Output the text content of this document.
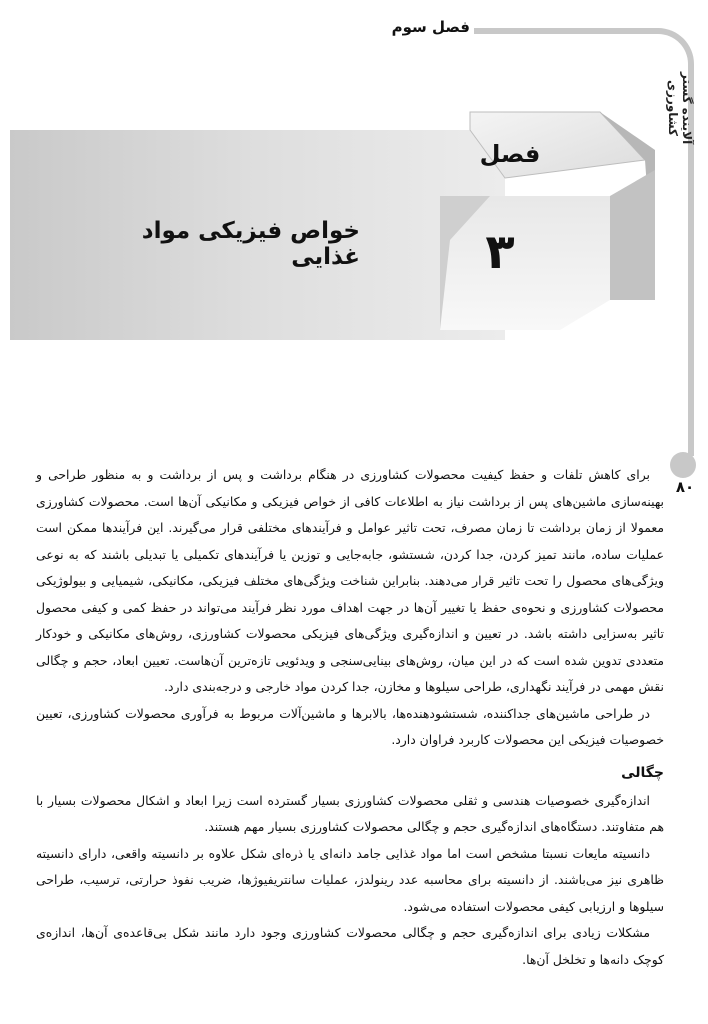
فصل سوم
آلاینده گستر کشاورزی
۸۰
فصل
۳
خواص فیزیکی مواد غذایی

برای کاهش تلفات و حفظ کیفیت محصولات کشاورزی در هنگام برداشت و پس از برداشت و به منظور طراحی و بهینه‌سازی ماشین‌های پس از برداشت نیاز به اطلاعات کافی از خواص فیزیکی و مکانیکی آن‌ها است. محصولات کشاورزی معمولا از زمان برداشت تا زمان مصرف، تحت تاثیر عوامل و فرآیندهای مختلفی قرار می‌گیرند. این فرآیندها ممکن است عملیات ساده، مانند تمیز کردن، جدا کردن، شستشو، جابه‌جایی و توزین یا فرآیندهای تکمیلی یا تبدیلی باشند که به نوعی ویژگی‌های محصول را تحت تاثیر قرار می‌دهند. بنابراین شناخت ویژگی‌های مختلف فیزیکی، مکانیکی، شیمیایی و بیولوژیکی محصولات کشاورزی و نحوه‌ی حفظ یا تغییر آن‌ها در جهت اهداف مورد نظر فرآیند می‌تواند در حفظ کمی و کیفی محصول تاثیر به‌سزایی داشته باشد. در تعیین و اندازه‌گیری ویژگی‌های فیزیکی محصولات کشاورزی، روش‌های مکانیکی و خودکار متعددی تدوین شده است که در این میان، روش‌های بینایی‌سنجی و ویدئویی تازه‌ترین آن‌هاست. تعیین ابعاد، حجم و چگالی نقش مهمی در فرآیند نگهداری، طراحی سیلوها و مخازن، جدا کردن مواد خارجی و درجه‌بندی دارد.

در طراحی ماشین‌های جداکننده، شستشودهنده‌ها، بالابرها و ماشین‌آلات مربوط به فرآوری محصولات کشاورزی، تعیین خصوصیات فیزیکی این محصولات کاربرد فراوان دارد.

چگالی

اندازه‌گیری خصوصیات هندسی و ثقلی محصولات کشاورزی بسیار گسترده است زیرا ابعاد و اشکال محصولات بسیار با هم متفاوتند. دستگاه‌های اندازه‌گیری حجم و چگالی محصولات کشاورزی بسیار مهم هستند.

دانسیته مایعات نسبتا مشخص است اما مواد غذایی جامد دانه‌ای یا ذره‌ای شکل علاوه بر دانسیته واقعی، دارای دانسیته ظاهری نیز می‌باشند. از دانسیته برای محاسبه عدد رینولدز، عملیات سانتریفیوژها، ضریب نفوذ حرارتی، ترسیب، طراحی سیلوها و ارزیابی کیفی محصولات استفاده می‌شود.

مشکلات زیادی برای اندازه‌گیری حجم و چگالی محصولات کشاورزی وجود دارد مانند شکل بی‌قاعده‌ی آن‌ها، اندازه‌ی کوچک دانه‌ها و تخلخل آن‌ها.
